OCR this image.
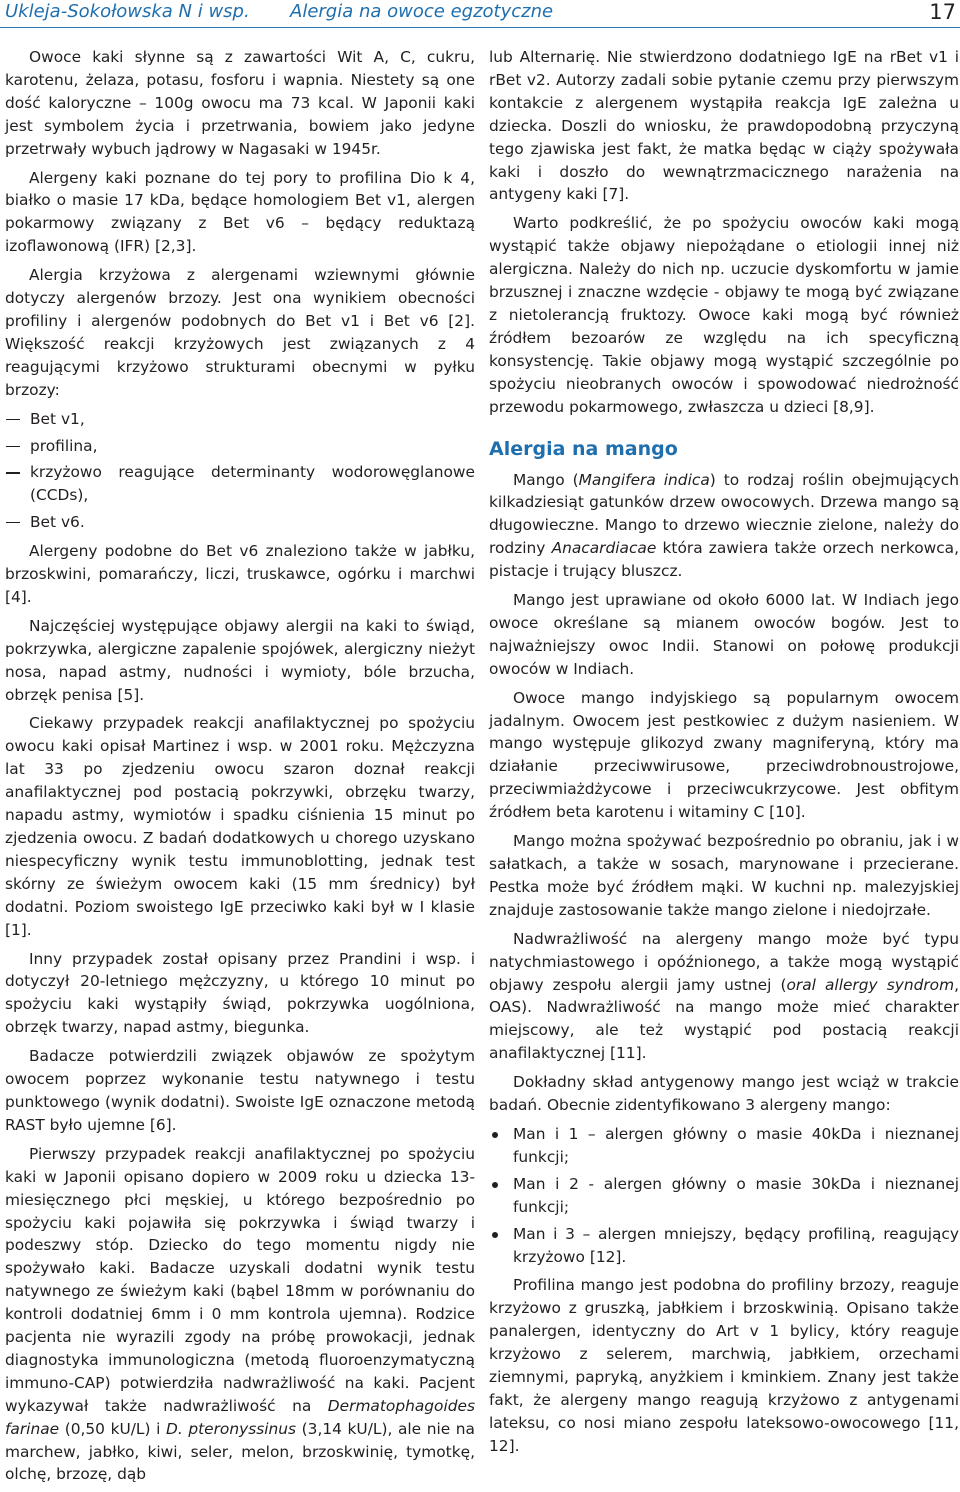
Ukleja-Sokołowska N i wsp. Alergia na owoce egzotyczne	17

Owoce kaki słynne są z zawartości Wit A, C, cukru, karotenu, żelaza, potasu, fosforu i wapnia. Niestety są one dość kaloryczne – 100g owocu ma 73 kcal. W Japonii kaki jest symbolem życia i przetrwania, bowiem jako jedyne przetrwały wybuch jądrowy w Nagasaki w 1945r.

Alergeny kaki poznane do tej pory to profilina Dio k 4, białko o masie 17 kDa, będące homologiem Bet v1, alergen pokarmowy związany z Bet v6 – będący reduktazą izoflawonową (IFR) [2,3].

Alergia krzyżowa z alergenami wziewnymi głównie dotyczy alergenów brzozy. Jest ona wynikiem obecności profiliny i alergenów podobnych do Bet v1 i Bet v6 [2]. Większość reakcji krzyżowych jest związanych z 4 reagującymi krzyżowo strukturami obecnymi w pyłku brzozy:

Bet v1,
profilina,
krzyżowo reagujące determinanty wodorowęglanowe (CCDs),
Bet v6.

Alergeny podobne do Bet v6 znaleziono także w jabłku, brzoskwini, pomarańczy, liczi, truskawce, ogórku i marchwi [4].

Najczęściej występujące objawy alergii na kaki to świąd, pokrzywka, alergiczne zapalenie spojówek, alergiczny nieżyt nosa, napad astmy, nudności i wymioty, bóle brzucha, obrzęk penisa [5].

Ciekawy przypadek reakcji anafilaktycznej po spożyciu owocu kaki opisał Martinez i wsp. w 2001 roku. Mężczyzna lat 33 po zjedzeniu owocu szaron doznał reakcji anafilaktycznej pod postacią pokrzywki, obrzęku twarzy, napadu astmy, wymiotów i spadku ciśnienia 15 minut po zjedzenia owocu. Z badań dodatkowych u chorego uzyskano niespecyficzny wynik testu immunoblotting, jednak test skórny ze świeżym owocem kaki (15 mm średnicy) był dodatni. Poziom swoistego IgE przeciwko kaki był w I klasie [1].

Inny przypadek został opisany przez Prandini i wsp. i dotyczył 20-letniego mężczyzny, u którego 10 minut po spożyciu kaki wystąpiły świąd, pokrzywka uogólniona, obrzęk twarzy, napad astmy, biegunka.

Badacze potwierdzili związek objawów ze spożytym owocem poprzez wykonanie testu natywnego i testu punktowego (wynik dodatni). Swoiste IgE oznaczone metodą RAST było ujemne [6].

Pierwszy przypadek reakcji anafilaktycznej po spożyciu kaki w Japonii opisano dopiero w 2009 roku u dziecka 13-miesięcznego płci męskiej, u którego bezpośrednio po spożyciu kaki pojawiła się pokrzywka i świąd twarzy i podeszwy stóp. Dziecko do tego momentu nigdy nie spożywało kaki. Badacze uzyskali dodatni wynik testu natywnego ze świeżym kaki (bąbel 18mm w porównaniu do kontroli dodatniej 6mm i 0 mm kontrola ujemna). Rodzice pacjenta nie wyrazili zgody na próbę prowokacji, jednak diagnostyka immunologiczna (metodą fluoroenzymatyczną immuno-CAP) potwierdziła nadwrażliwość na kaki. Pacjent wykazywał także nadwrażliwość na Dermatophagoides farinae (0,50 kU/L) i D. pteronyssinus (3,14 kU/L), ale nie na marchew, jabłko, kiwi, seler, melon, brzoskwinię, tymotkę, olchę, brzozę, dąb

lub Alternarię. Nie stwierdzono dodatniego IgE na rBet v1 i rBet v2. Autorzy zadali sobie pytanie czemu przy pierwszym kontakcie z alergenem wystąpiła reakcja IgE zależna u dziecka. Doszli do wniosku, że prawdopodobną przyczyną tego zjawiska jest fakt, że matka będąc w ciąży spożywała kaki i doszło do wewnątrzmacicznego narażenia na antygeny kaki [7].

Warto podkreślić, że po spożyciu owoców kaki mogą wystąpić także objawy niepożądane o etiologii innej niż alergiczna. Należy do nich np. uczucie dyskomfortu w jamie brzusznej i znaczne wzdęcie - objawy te mogą być związane z nietolerancją fruktozy. Owoce kaki mogą być również źródłem bezoarów ze względu na ich specyficzną konsystencję. Takie objawy mogą wystąpić szczególnie po spożyciu nieobranych owoców i spowodować niedrożność przewodu pokarmowego, zwłaszcza u dzieci [8,9].

Alergia na mango

Mango (Mangifera indica) to rodzaj roślin obejmujących kilkadziesiąt gatunków drzew owocowych. Drzewa mango są długowieczne. Mango to drzewo wiecznie zielone, należy do rodziny Anacardiacae która zawiera także orzech nerkowca, pistacje i trujący bluszcz.

Mango jest uprawiane od około 6000 lat. W Indiach jego owoce określane są mianem owoców bogów. Jest to najważniejszy owoc Indii. Stanowi on połowę produkcji owoców w Indiach.

Owoce mango indyjskiego są popularnym owocem jadalnym. Owocem jest pestkowiec z dużym nasieniem. W mango występuje glikozyd zwany magniferyną, który ma działanie przeciwwirusowe, przeciwdrobnoustrojowe, przeciwmiażdżycowe i przeciwcukrzycowe. Jest obfitym źródłem beta karotenu i witaminy C [10].

Mango można spożywać bezpośrednio po obraniu, jak i w sałatkach, a także w sosach, marynowane i przecierane. Pestka może być źródłem mąki. W kuchni np. malezyjskiej znajduje zastosowanie także mango zielone i niedojrzałe.

Nadwrażliwość na alergeny mango może być typu natychmiastowego i opóźnionego, a także mogą wystąpić objawy zespołu alergii jamy ustnej (oral allergy syndrom, OAS). Nadwrażliwość na mango może mieć charakter miejscowy, ale też wystąpić pod postacią reakcji anafilaktycznej [11].

Dokładny skład antygenowy mango jest wciąż w trakcie badań. Obecnie zidentyfikowano 3 alergeny mango:

Man i 1 – alergen główny o masie 40kDa i nieznanej funkcji;
Man i 2 - alergen główny o masie 30kDa i nieznanej funkcji;
Man i 3 – alergen mniejszy, będący profiliną, reagujący krzyżowo [12].

Profilina mango jest podobna do profiliny brzozy, reaguje krzyżowo z gruszką, jabłkiem i brzoskwinią. Opisano także panalergen, identyczny do Art v 1 bylicy, który reaguje krzyżowo z selerem, marchwią, jabłkiem, orzechami ziemnymi, papryką, anyżkiem i kminkiem. Znany jest także fakt, że alergeny mango reagują krzyżowo z antygenami lateksu, co nosi miano zespołu lateksowo-owocowego [11, 12].
